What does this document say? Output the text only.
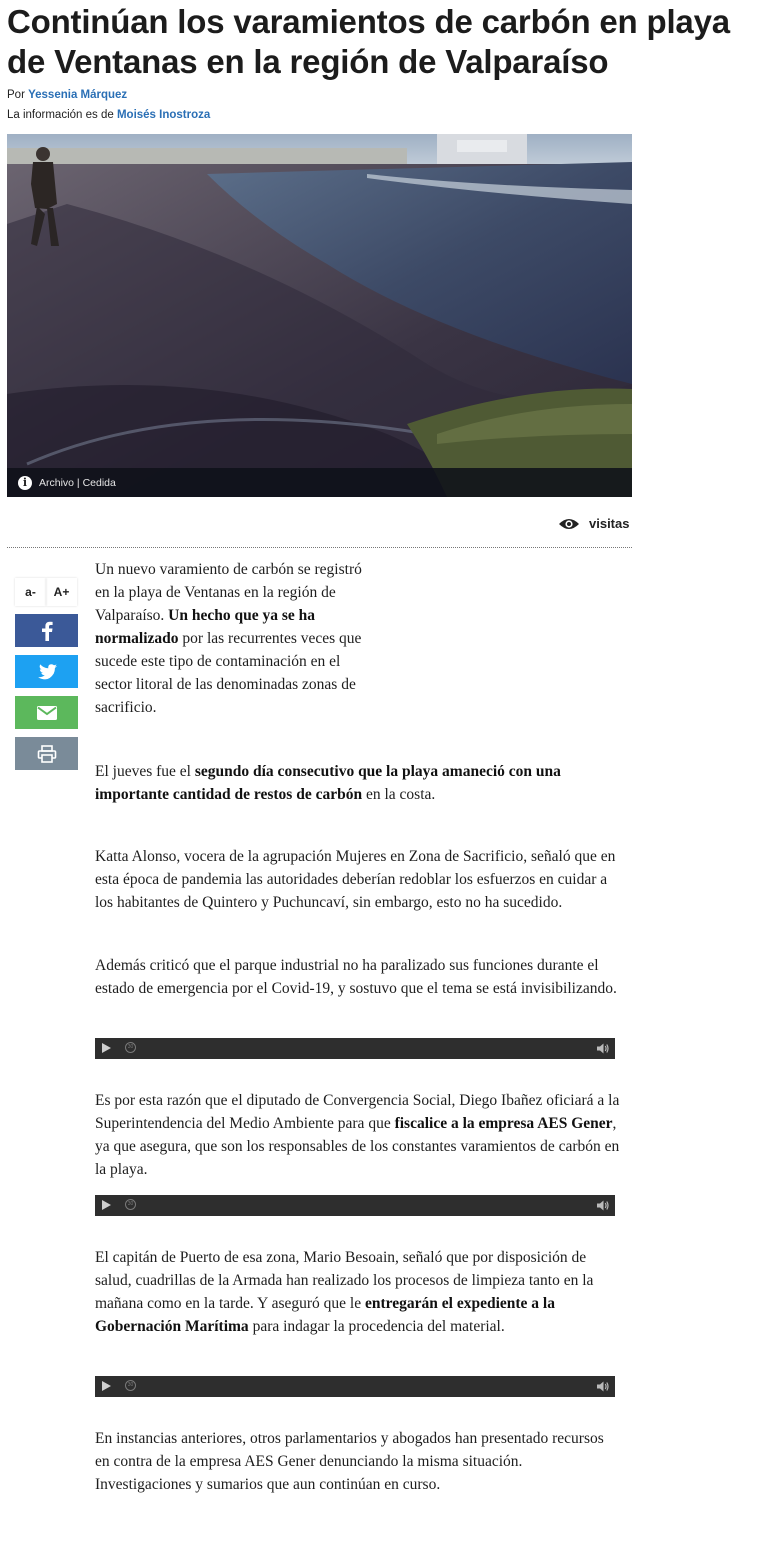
Continúan los varamientos de carbón en playa de Ventanas en la región de Valparaíso
Por Yessenia Márquez
La información es de Moisés Inostroza
i	Archivo | Cedida
visitas
a-	A+

Un nuevo varamiento de carbón se registró en la playa de Ventanas en la región de Valparaíso. Un hecho que ya se ha normalizado por las recurrentes veces que sucede este tipo de contaminación en el sector litoral de las denominadas zonas de sacrificio.

El jueves fue el segundo día consecutivo que la playa amaneció con una importante cantidad de restos de carbón en la costa.

Katta Alonso, vocera de la agrupación Mujeres en Zona de Sacrificio, señaló que en esta época de pandemia las autoridades deberían redoblar los esfuerzos en cuidar a los habitantes de Quintero y Puchuncaví, sin embargo, esto no ha sucedido.

Además criticó que el parque industrial no ha paralizado sus funciones durante el estado de emergencia por el Covid-19, y sostuvo que el tema se está invisibilizando.

30

Es por esta razón que el diputado de Convergencia Social, Diego Ibañez oficiará a la Superintendencia del Medio Ambiente para que fiscalice a la empresa AES Gener, ya que asegura, que son los responsables de los constantes varamientos de carbón en la playa.

30

El capitán de Puerto de esa zona, Mario Besoain, señaló que por disposición de salud, cuadrillas de la Armada han realizado los procesos de limpieza tanto en la mañana como en la tarde. Y aseguró que le entregarán el expediente a la Gobernación Marítima para indagar la procedencia del material.

30

En instancias anteriores, otros parlamentarios y abogados han presentado recursos en contra de la empresa AES Gener denunciando la misma situación. Investigaciones y sumarios que aun continúan en curso.
